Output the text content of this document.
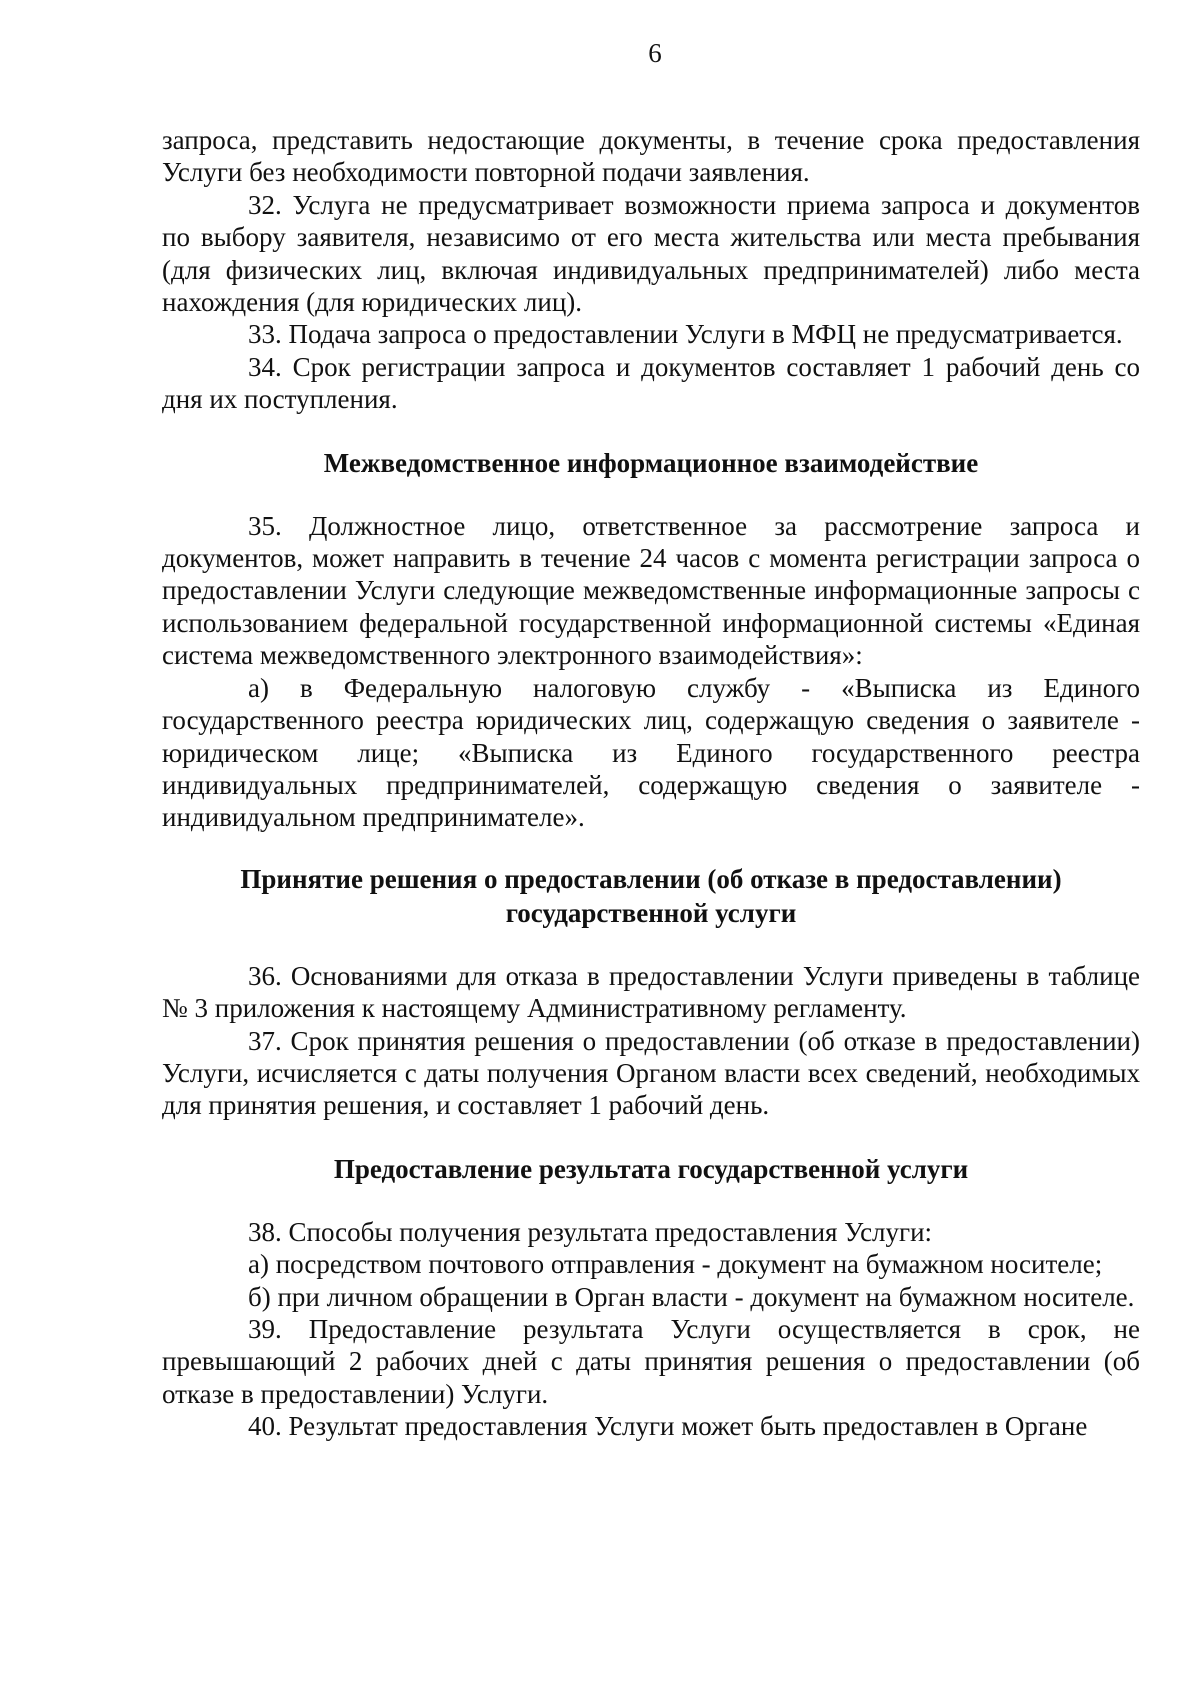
6

запроса, представить недостающие документы, в течение срока предоставления Услуги без необходимости повторной подачи заявления.

32. Услуга не предусматривает возможности приема запроса и документов по выбору заявителя, независимо от его места жительства или места пребывания (для физических лиц, включая индивидуальных предпринимателей) либо места нахождения (для юридических лиц).

33. Подача запроса о предоставлении Услуги в МФЦ не предусматривается.

34. Срок регистрации запроса и документов составляет 1 рабочий день со дня их поступления.

Межведомственное информационное взаимодействие

35. Должностное лицо, ответственное за рассмотрение запроса и документов, может направить в течение 24 часов с момента регистрации запроса о предоставлении Услуги следующие межведомственные информационные запросы с использованием федеральной государственной информационной системы «Единая система межведомственного электронного взаимодействия»:

а) в Федеральную налоговую службу - «Выписка из Единого государственного реестра юридических лиц, содержащую сведения о заявителе - юридическом лице; «Выписка из Единого государственного реестра индивидуальных предпринимателей, содержащую сведения о заявителе - индивидуальном предпринимателе».

Принятие решения о предоставлении (об отказе в предоставлении)
государственной услуги

36. Основаниями для отказа в предоставлении Услуги приведены в таблице № 3 приложения к настоящему Административному регламенту.

37. Срок принятия решения о предоставлении (об отказе в предоставлении) Услуги, исчисляется с даты получения Органом власти всех сведений, необходимых для принятия решения, и составляет 1 рабочий день.

Предоставление результата государственной услуги

38. Способы получения результата предоставления Услуги:

а) посредством почтового отправления - документ на бумажном носителе;

б) при личном обращении в Орган власти - документ на бумажном носителе.

39. Предоставление результата Услуги осуществляется в срок, не превышающий 2 рабочих дней с даты принятия решения о предоставлении (об отказе в предоставлении) Услуги.

40. Результат предоставления Услуги может быть предоставлен в Органе
